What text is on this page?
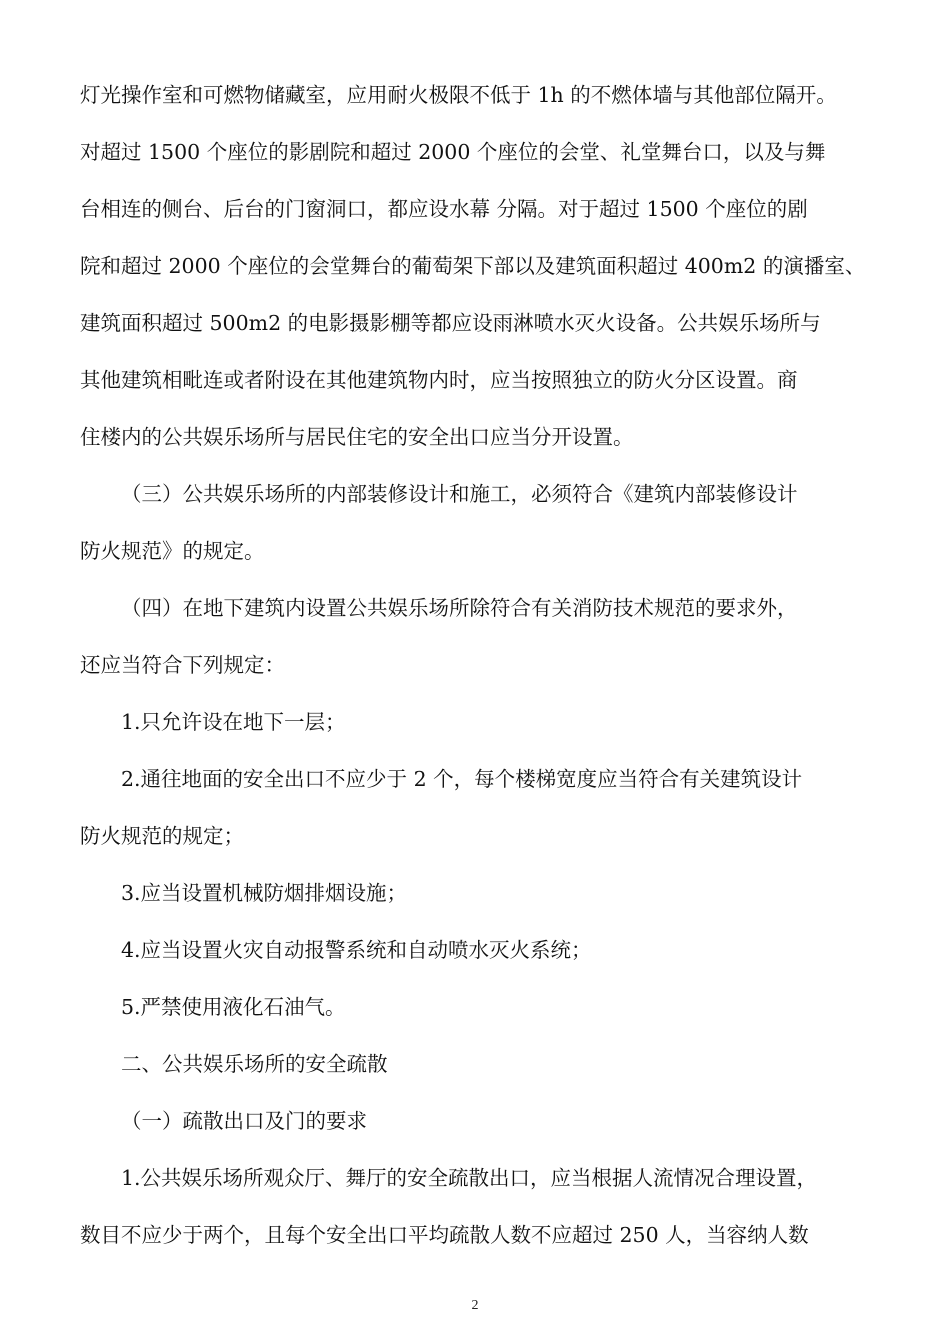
灯光操作室和可燃物储藏室，应用耐火极限不低于 1h 的不燃体墙与其他部位隔开。

对超过 1500 个座位的影剧院和超过 2000 个座位的会堂、礼堂舞台口，以及与舞

台相连的侧台、后台的门窗洞口，都应设水幕 分隔。对于超过 1500 个座位的剧

院和超过 2000 个座位的会堂舞台的葡萄架下部以及建筑面积超过 400m2 的演播室、

建筑面积超过 500m2 的电影摄影棚等都应设雨淋喷水灭火设备。公共娱乐场所与

其他建筑相毗连或者附设在其他建筑物内时，应当按照独立的防火分区设置。商

住楼内的公共娱乐场所与居民住宅的安全出口应当分开设置。

（三）公共娱乐场所的内部装修设计和施工，必须符合《建筑内部装修设计

防火规范》的规定。

（四）在地下建筑内设置公共娱乐场所除符合有关消防技术规范的要求外，

还应当符合下列规定：

1.只允许设在地下一层；

2.通往地面的安全出口不应少于 2 个，每个楼梯宽度应当符合有关建筑设计

防火规范的规定；

3.应当设置机械防烟排烟设施；

4.应当设置火灾自动报警系统和自动喷水灭火系统；

5.严禁使用液化石油气。

二、公共娱乐场所的安全疏散

（一）疏散出口及门的要求

1.公共娱乐场所观众厅、舞厅的安全疏散出口，应当根据人流情况合理设置，

数目不应少于两个，且每个安全出口平均疏散人数不应超过 250 人，当容纳人数

2
